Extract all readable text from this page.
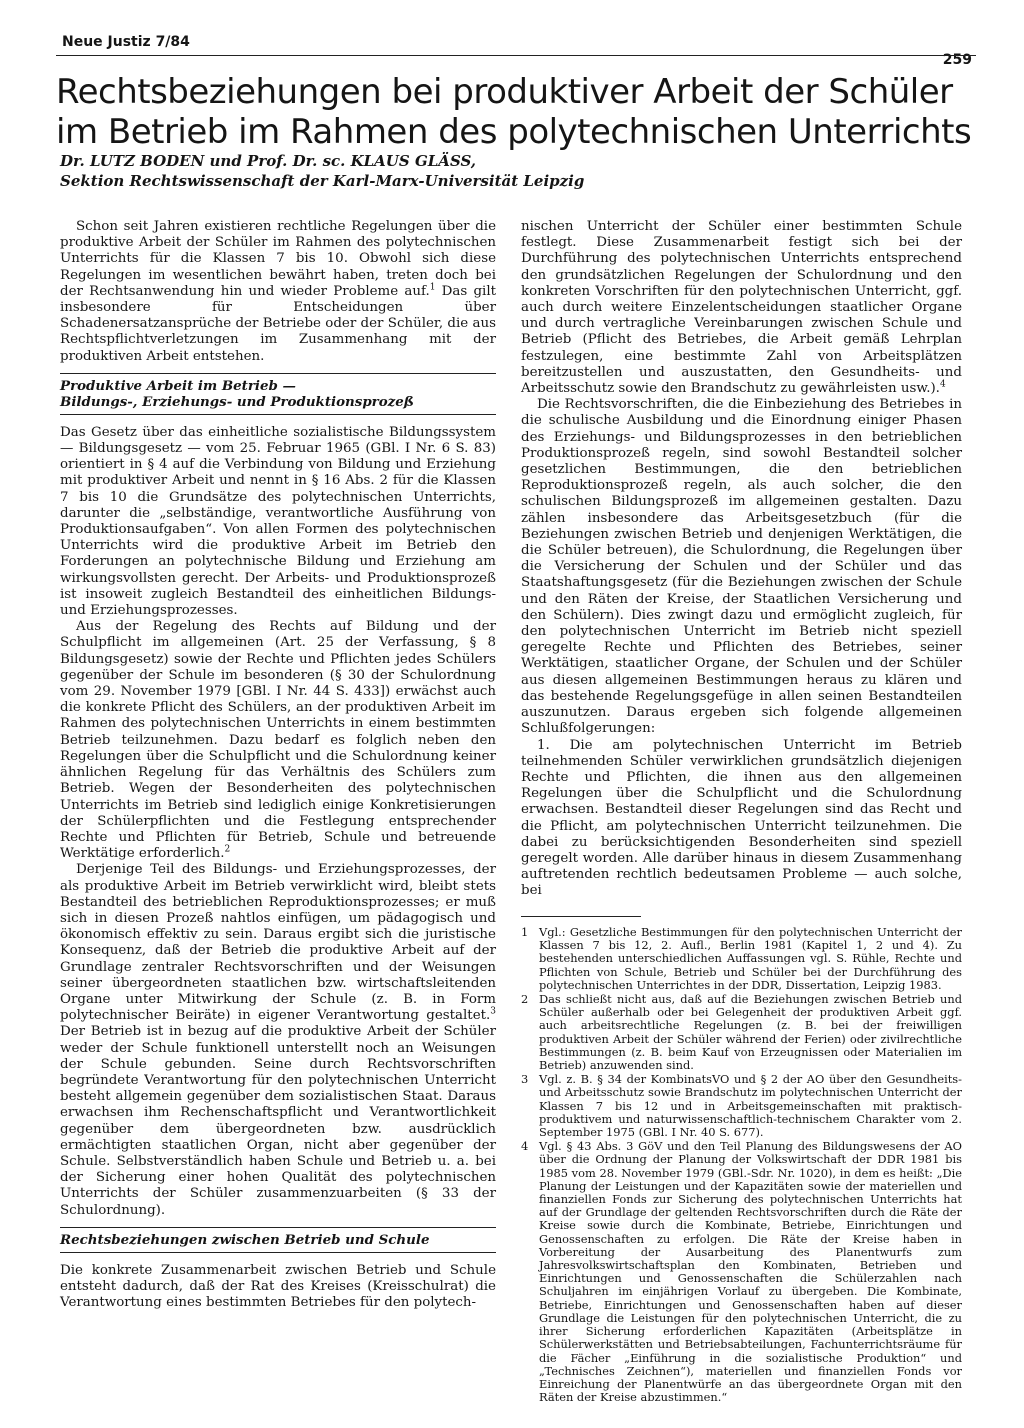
Neue Justiz 7/84
259
Rechtsbeziehungen bei produktiver Arbeit der Schüler im Betrieb im Rahmen des polytechnischen Unterrichts
Dr. LUTZ BODEN und Prof. Dr. sc. KLAUS GLÄSS,
Sektion Rechtswissenschaft der Karl-Marx-Universität Leipzig

Schon seit Jahren existieren rechtliche Regelungen über die produktive Arbeit der Schüler im Rahmen des polytechnischen Unterrichts für die Klassen 7 bis 10. Obwohl sich diese Regelungen im wesentlichen bewährt haben, treten doch bei der Rechtsanwendung hin und wieder Probleme auf.$^1$ Das gilt insbesondere für Entscheidungen über Schadenersatzansprüche der Betriebe oder der Schüler, die aus Rechtspflichtverletzungen im Zusammenhang mit der produktiven Arbeit entstehen.

Produktive Arbeit im Betrieb —
Bildungs-, Erziehungs- und Produktionsprozeß

Das Gesetz über das einheitliche sozialistische Bildungssystem — Bildungsgesetz — vom 25. Februar 1965 (GBl. I Nr. 6 S. 83) orientiert in § 4 auf die Verbindung von Bildung und Erziehung mit produktiver Arbeit und nennt in § 16 Abs. 2 für die Klassen 7 bis 10 die Grundsätze des polytechnischen Unterrichts, darunter die „selbständige, verantwortliche Ausführung von Produktionsaufgaben“. Von allen Formen des polytechnischen Unterrichts wird die produktive Arbeit im Betrieb den Forderungen an polytechnische Bildung und Erziehung am wirkungsvollsten gerecht. Der Arbeits- und Produktionsprozeß ist insoweit zugleich Bestandteil des einheitlichen Bildungs- und Erziehungsprozesses.

Aus der Regelung des Rechts auf Bildung und der Schulpflicht im allgemeinen (Art. 25 der Verfassung, § 8 Bildungsgesetz) sowie der Rechte und Pflichten jedes Schülers gegenüber der Schule im besonderen (§ 30 der Schulordnung vom 29. November 1979 [GBl. I Nr. 44 S. 433]) erwächst auch die konkrete Pflicht des Schülers, an der produktiven Arbeit im Rahmen des polytechnischen Unterrichts in einem bestimmten Betrieb teilzunehmen. Dazu bedarf es folglich neben den Regelungen über die Schulpflicht und die Schulordnung keiner ähnlichen Regelung für das Verhältnis des Schülers zum Betrieb. Wegen der Besonderheiten des polytechnischen Unterrichts im Betrieb sind lediglich einige Konkretisierungen der Schülerpflichten und die Festlegung entsprechender Rechte und Pflichten für Betrieb, Schule und betreuende Werktätige erforderlich.$^2$

Derjenige Teil des Bildungs- und Erziehungsprozesses, der als produktive Arbeit im Betrieb verwirklicht wird, bleibt stets Bestandteil des betrieblichen Reproduktionsprozesses; er muß sich in diesen Prozeß nahtlos einfügen, um pädagogisch und ökonomisch effektiv zu sein. Daraus ergibt sich die juristische Konsequenz, daß der Betrieb die produktive Arbeit auf der Grundlage zentraler Rechtsvorschriften und der Weisungen seiner übergeordneten staatlichen bzw. wirtschaftsleitenden Organe unter Mitwirkung der Schule (z. B. in Form polytechnischer Beiräte) in eigener Verantwortung gestaltet.$^3$ Der Betrieb ist in bezug auf die produktive Arbeit der Schüler weder der Schule funktionell unterstellt noch an Weisungen der Schule gebunden. Seine durch Rechtsvorschriften begründete Verantwortung für den polytechnischen Unterricht besteht allgemein gegenüber dem sozialistischen Staat. Daraus erwachsen ihm Rechenschaftspflicht und Verantwortlichkeit gegenüber dem übergeordneten bzw. ausdrücklich ermächtigten staatlichen Organ, nicht aber gegenüber der Schule. Selbstverständlich haben Schule und Betrieb u. a. bei der Sicherung einer hohen Qualität des polytechnischen Unterrichts der Schüler zusammenzuarbeiten (§ 33 der Schulordnung).

Rechtsbeziehungen zwischen Betrieb und Schule

Die konkrete Zusammenarbeit zwischen Betrieb und Schule entsteht dadurch, daß der Rat des Kreises (Kreisschulrat) die Verantwortung eines bestimmten Betriebes für den polytech-

nischen Unterricht der Schüler einer bestimmten Schule festlegt. Diese Zusammenarbeit festigt sich bei der Durchführung des polytechnischen Unterrichts entsprechend den grundsätzlichen Regelungen der Schulordnung und den konkreten Vorschriften für den polytechnischen Unterricht, ggf. auch durch weitere Einzelentscheidungen staatlicher Organe und durch vertragliche Vereinbarungen zwischen Schule und Betrieb (Pflicht des Betriebes, die Arbeit gemäß Lehrplan festzulegen, eine bestimmte Zahl von Arbeitsplätzen bereitzustellen und auszustatten, den Gesundheits- und Arbeitsschutz sowie den Brandschutz zu gewährleisten usw.).$^4$

Die Rechtsvorschriften, die die Einbeziehung des Betriebes in die schulische Ausbildung und die Einordnung einiger Phasen des Erziehungs- und Bildungsprozesses in den betrieblichen Produktionsprozeß regeln, sind sowohl Bestandteil solcher gesetzlichen Bestimmungen, die den betrieblichen Reproduktionsprozeß regeln, als auch solcher, die den schulischen Bildungsprozeß im allgemeinen gestalten. Dazu zählen insbesondere das Arbeitsgesetzbuch (für die Beziehungen zwischen Betrieb und denjenigen Werktätigen, die die Schüler betreuen), die Schulordnung, die Regelungen über die Versicherung der Schulen und der Schüler und das Staatshaftungsgesetz (für die Beziehungen zwischen der Schule und den Räten der Kreise, der Staatlichen Versicherung und den Schülern). Dies zwingt dazu und ermöglicht zugleich, für den polytechnischen Unterricht im Betrieb nicht speziell geregelte Rechte und Pflichten des Betriebes, seiner Werktätigen, staatlicher Organe, der Schulen und der Schüler aus diesen allgemeinen Bestimmungen heraus zu klären und das bestehende Regelungsgefüge in allen seinen Bestandteilen auszunutzen. Daraus ergeben sich folgende allgemeinen Schlußfolgerungen:

1. Die am polytechnischen Unterricht im Betrieb teilnehmenden Schüler verwirklichen grundsätzlich diejenigen Rechte und Pflichten, die ihnen aus den allgemeinen Regelungen über die Schulpflicht und die Schulordnung erwachsen. Bestandteil dieser Regelungen sind das Recht und die Pflicht, am polytechnischen Unterricht teilzunehmen. Die dabei zu berücksichtigenden Besonderheiten sind speziell geregelt worden. Alle darüber hinaus in diesem Zusammenhang auftretenden rechtlich bedeutsamen Probleme — auch solche, bei

1 Vgl.: Gesetzliche Bestimmungen für den polytechnischen Unterricht der Klassen 7 bis 12, 2. Aufl., Berlin 1981 (Kapitel 1, 2 und 4). Zu bestehenden unterschiedlichen Auffassungen vgl. S. Rühle, Rechte und Pflichten von Schule, Betrieb und Schüler bei der Durchführung des polytechnischen Unterrichtes in der DDR, Dissertation, Leipzig 1983.
2 Das schließt nicht aus, daß auf die Beziehungen zwischen Betrieb und Schüler außerhalb oder bei Gelegenheit der produktiven Arbeit ggf. auch arbeitsrechtliche Regelungen (z. B. bei der freiwilligen produktiven Arbeit der Schüler während der Ferien) oder zivilrechtliche Bestimmungen (z. B. beim Kauf von Erzeugnissen oder Materialien im Betrieb) anzuwenden sind.
3 Vgl. z. B. § 34 der KombinatsVO und § 2 der AO über den Gesundheits- und Arbeitsschutz sowie Brandschutz im polytechnischen Unterricht der Klassen 7 bis 12 und in Arbeitsgemeinschaften mit praktisch-produktivem und naturwissenschaftlich-technischem Charakter vom 2. September 1975 (GBl. I Nr. 40 S. 677).
4 Vgl. § 43 Abs. 3 GöV und den Teil Planung des Bildungswesens der AO über die Ordnung der Planung der Volkswirtschaft der DDR 1981 bis 1985 vom 28. November 1979 (GBl.-Sdr. Nr. 1020), in dem es heißt: „Die Planung der Leistungen und der Kapazitäten sowie der materiellen und finanziellen Fonds zur Sicherung des polytechnischen Unterrichts hat auf der Grundlage der geltenden Rechtsvorschriften durch die Räte der Kreise sowie durch die Kombinate, Betriebe, Einrichtungen und Genossenschaften zu erfolgen. Die Räte der Kreise haben in Vorbereitung der Ausarbeitung des Planentwurfs zum Jahresvolkswirtschaftsplan den Kombinaten, Betrieben und Einrichtungen und Genossenschaften die Schülerzahlen nach Schuljahren im einjährigen Vorlauf zu übergeben. Die Kombinate, Betriebe, Einrichtungen und Genossenschaften haben auf dieser Grundlage die Leistungen für den polytechnischen Unterricht, die zu ihrer Sicherung erforderlichen Kapazitäten (Arbeitsplätze in Schülerwerkstätten und Betriebsabteilungen, Fachunterrichtsräume für die Fächer „Einführung in die sozialistische Produktion“ und „Technisches Zeichnen“), materiellen und finanziellen Fonds vor Einreichung der Planentwürfe an das übergeordnete Organ mit den Räten der Kreise abzustimmen.“
